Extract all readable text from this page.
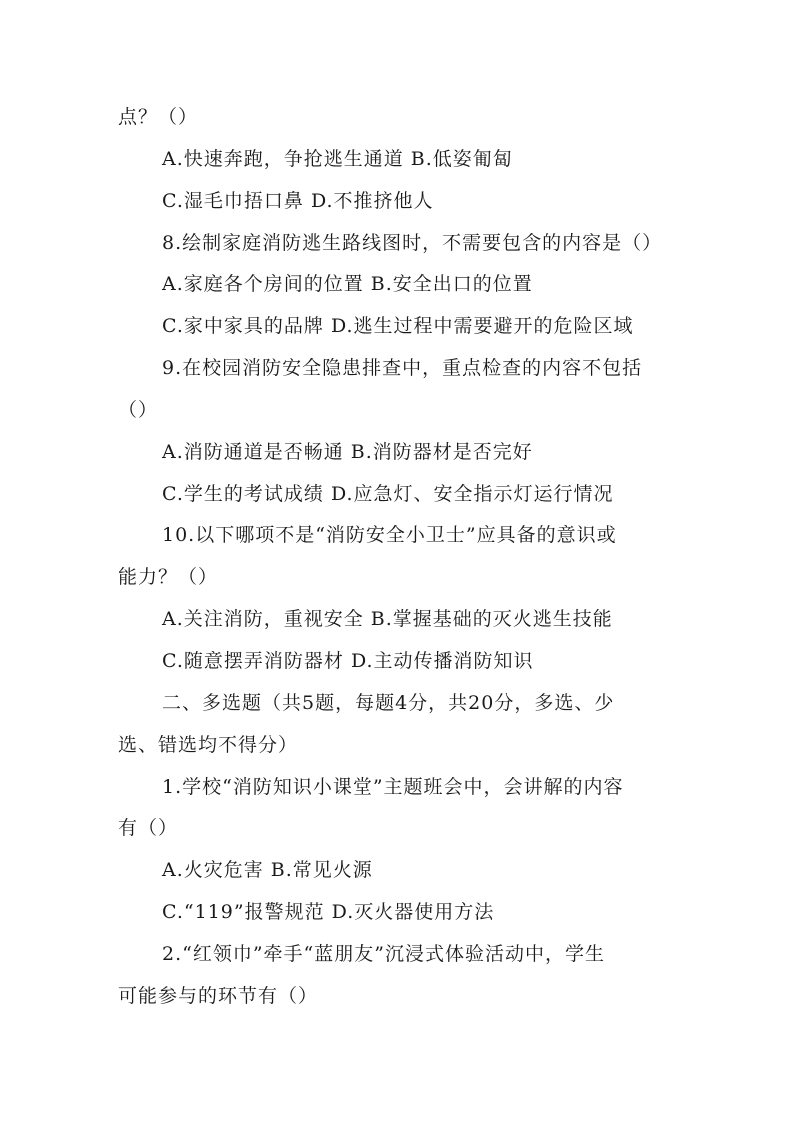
点？（）
A.快速奔跑，争抢逃生通道 B.低姿匍匐
C.湿毛巾捂口鼻 D.不推挤他人
8.绘制家庭消防逃生路线图时，不需要包含的内容是（）
A.家庭各个房间的位置 B.安全出口的位置
C.家中家具的品牌 D.逃生过程中需要避开的危险区域
9.在校园消防安全隐患排查中，重点检查的内容不包括
（）
A.消防通道是否畅通 B.消防器材是否完好
C.学生的考试成绩 D.应急灯、安全指示灯运行情况
10.以下哪项不是“消防安全小卫士”应具备的意识或
能力？（）
A.关注消防，重视安全 B.掌握基础的灭火逃生技能
C.随意摆弄消防器材 D.主动传播消防知识
二、多选题（共5题，每题4分，共20分，多选、少
选、错选均不得分）
1.学校“消防知识小课堂”主题班会中，会讲解的内容
有（）
A.火灾危害 B.常见火源
C.“119”报警规范 D.灭火器使用方法
2.“红领巾”牵手“蓝朋友”沉浸式体验活动中，学生
可能参与的环节有（）
